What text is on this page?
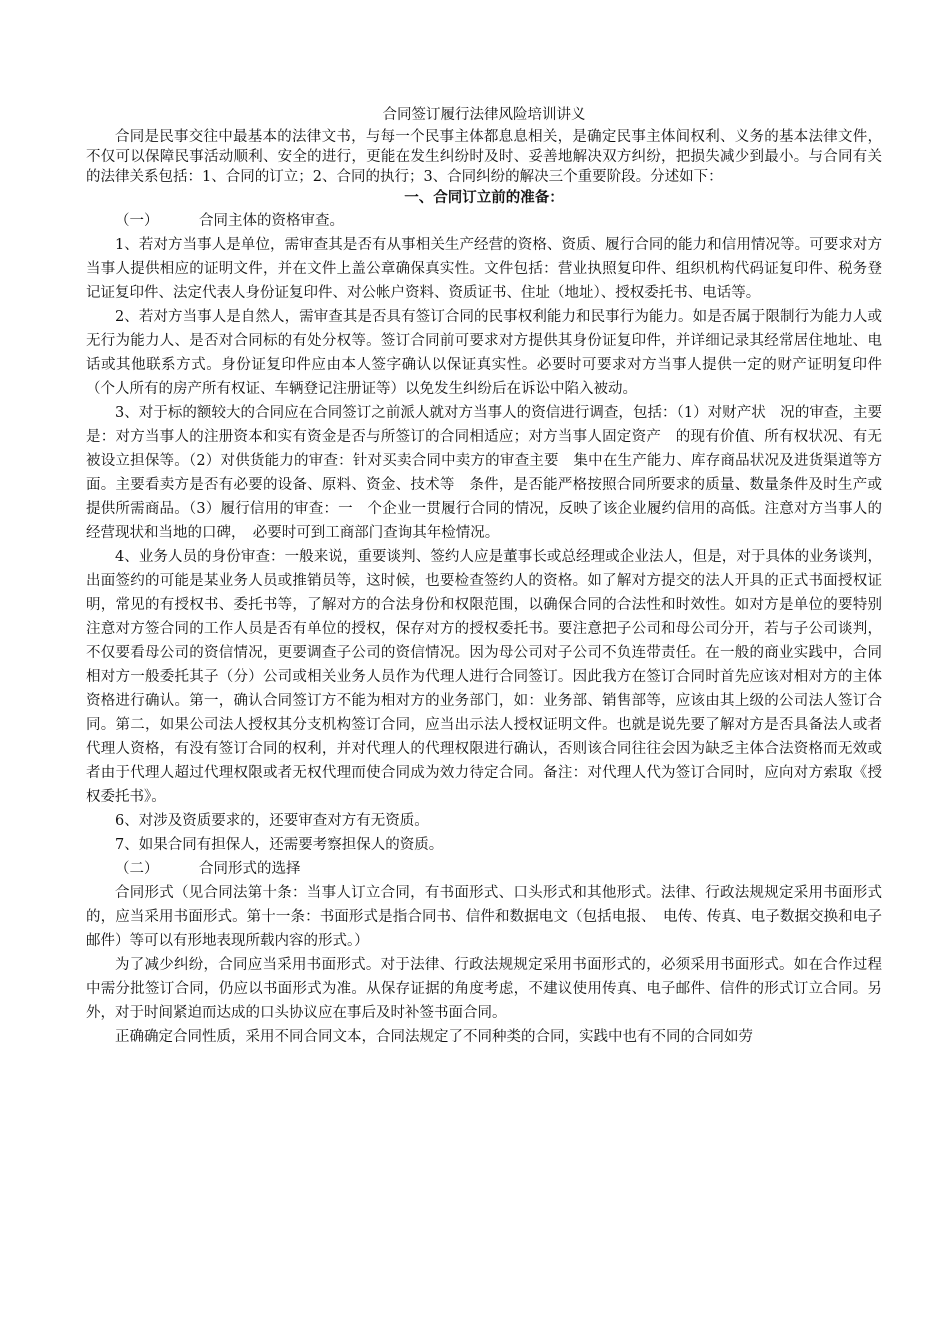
合同签订履行法律风险培训讲义

合同是民事交往中最基本的法律文书，与每一个民事主体都息息相关，是确定民事主体间权利、义务的基本法律文件，不仅可以保障民事活动顺利、安全的进行，更能在发生纠纷时及时、妥善地解决双方纠纷，把损失减少到最小。与合同有关的法律关系包括：1、合同的订立；2、合同的执行；3、合同纠纷的解决三个重要阶段。分述如下：

一、合同订立前的准备：

（一）	合同主体的资格审查。

1、若对方当事人是单位，需审查其是否有从事相关生产经营的资格、资质、履行合同的能力和信用情况等。可要求对方当事人提供相应的证明文件，并在文件上盖公章确保真实性。文件包括：营业执照复印件、组织机构代码证复印件、税务登记证复印件、法定代表人身份证复印件、对公帐户资料、资质证书、住址（地址）、授权委托书、电话等。

2、若对方当事人是自然人，需审查其是否具有签订合同的民事权利能力和民事行为能力。如是否属于限制行为能力人或无行为能力人、是否对合同标的有处分权等。签订合同前可要求对方提供其身份证复印件，并详细记录其经常居住地址、电话或其他联系方式。身份证复印件应由本人签字确认以保证真实性。必要时可要求对方当事人提供一定的财产证明复印件（个人所有的房产所有权证、车辆登记注册证等）以免发生纠纷后在诉讼中陷入被动。

3、对于标的额较大的合同应在合同签订之前派人就对方当事人的资信进行调查，包括：（1）对财产状　况的审查，主要是：对方当事人的注册资本和实有资金是否与所签订的合同相适应；对方当事人固定资产　的现有价值、所有权状况、有无被设立担保等。（2）对供货能力的审查：针对买卖合同中卖方的审查主要　集中在生产能力、库存商品状况及进货渠道等方面。主要看卖方是否有必要的设备、原料、资金、技术等　条件，是否能严格按照合同所要求的质量、数量条件及时生产或提供所需商品。（3）履行信用的审查：一　个企业一贯履行合同的情况，反映了该企业履约信用的高低。注意对方当事人的经营现状和当地的口碑，　必要时可到工商部门查询其年检情况。

4、业务人员的身份审查：一般来说，重要谈判、签约人应是董事长或总经理或企业法人，但是，对于具体的业务谈判，出面签约的可能是某业务人员或推销员等，这时候，也要检查签约人的资格。如了解对方提交的法人开具的正式书面授权证明，常见的有授权书、委托书等，了解对方的合法身份和权限范围，以确保合同的合法性和时效性。如对方是单位的要特别注意对方签合同的工作人员是否有单位的授权，保存对方的授权委托书。要注意把子公司和母公司分开，若与子公司谈判，不仅要看母公司的资信情况，更要调查子公司的资信情况。因为母公司对子公司不负连带责任。在一般的商业实践中，合同相对方一般委托其子（分）公司或相关业务人员作为代理人进行合同签订。因此我方在签订合同时首先应该对相对方的主体资格进行确认。第一，确认合同签订方不能为相对方的业务部门，如：业务部、销售部等，应该由其上级的公司法人签订合同。第二，如果公司法人授权其分支机构签订合同，应当出示法人授权证明文件。也就是说先要了解对方是否具备法人或者代理人资格，有没有签订合同的权利，并对代理人的代理权限进行确认，否则该合同往往会因为缺乏主体合法资格而无效或者由于代理人超过代理权限或者无权代理而使合同成为效力待定合同。备注：对代理人代为签订合同时，应向对方索取《授权委托书》。

6、对涉及资质要求的，还要审查对方有无资质。

7、如果合同有担保人，还需要考察担保人的资质。

（二）	合同形式的选择

合同形式（见合同法第十条：当事人订立合同，有书面形式、口头形式和其他形式。法律、行政法规规定采用书面形式的，应当采用书面形式。第十一条：书面形式是指合同书、信件和数据电文（包括电报、　电传、传真、电子数据交换和电子邮件）等可以有形地表现所载内容的形式。）

为了减少纠纷，合同应当采用书面形式。对于法律、行政法规规定采用书面形式的，必须采用书面形式。如在合作过程中需分批签订合同，仍应以书面形式为准。从保存证据的角度考虑，不建议使用传真、电子邮件、信件的形式订立合同。另外，对于时间紧迫而达成的口头协议应在事后及时补签书面合同。

正确确定合同性质，采用不同合同文本，合同法规定了不同种类的合同，实践中也有不同的合同如劳
